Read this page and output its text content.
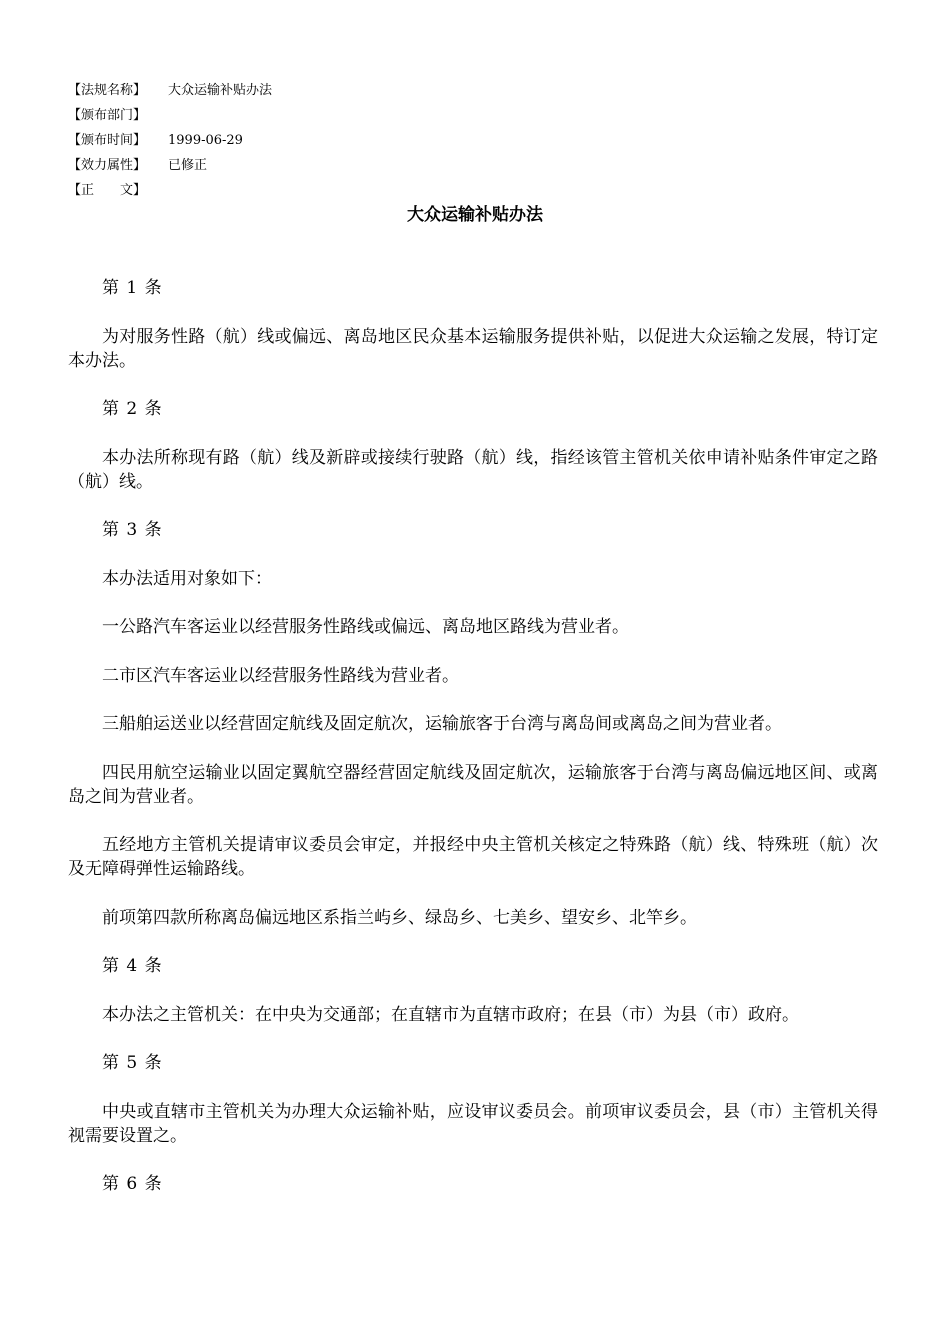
【法规名称】	大众运输补贴办法
【颁布部门】
【颁布时间】	1999-06-29
【效力属性】	已修正
【正　　文】
大众运输补贴办法

第 1 条

为对服务性路（航）线或偏远、离岛地区民众基本运输服务提供补贴，以促进大众运输之发展，特订定本办法。

第 2 条

本办法所称现有路（航）线及新辟或接续行驶路（航）线，指经该管主管机关依申请补贴条件审定之路（航）线。

第 3 条

本办法适用对象如下：

一公路汽车客运业以经营服务性路线或偏远、离岛地区路线为营业者。

二市区汽车客运业以经营服务性路线为营业者。

三船舶运送业以经营固定航线及固定航次，运输旅客于台湾与离岛间或离岛之间为营业者。

四民用航空运输业以固定翼航空器经营固定航线及固定航次，运输旅客于台湾与离岛偏远地区间、或离岛之间为营业者。

五经地方主管机关提请审议委员会审定，并报经中央主管机关核定之特殊路（航）线、特殊班（航）次及无障碍弹性运输路线。

前项第四款所称离岛偏远地区系指兰屿乡、绿岛乡、七美乡、望安乡、北竿乡。

第 4 条

本办法之主管机关：在中央为交通部；在直辖市为直辖市政府；在县（市）为县（市）政府。

第 5 条

中央或直辖市主管机关为办理大众运输补贴，应设审议委员会。前项审议委员会，县（市）主管机关得视需要设置之。

第 6 条
